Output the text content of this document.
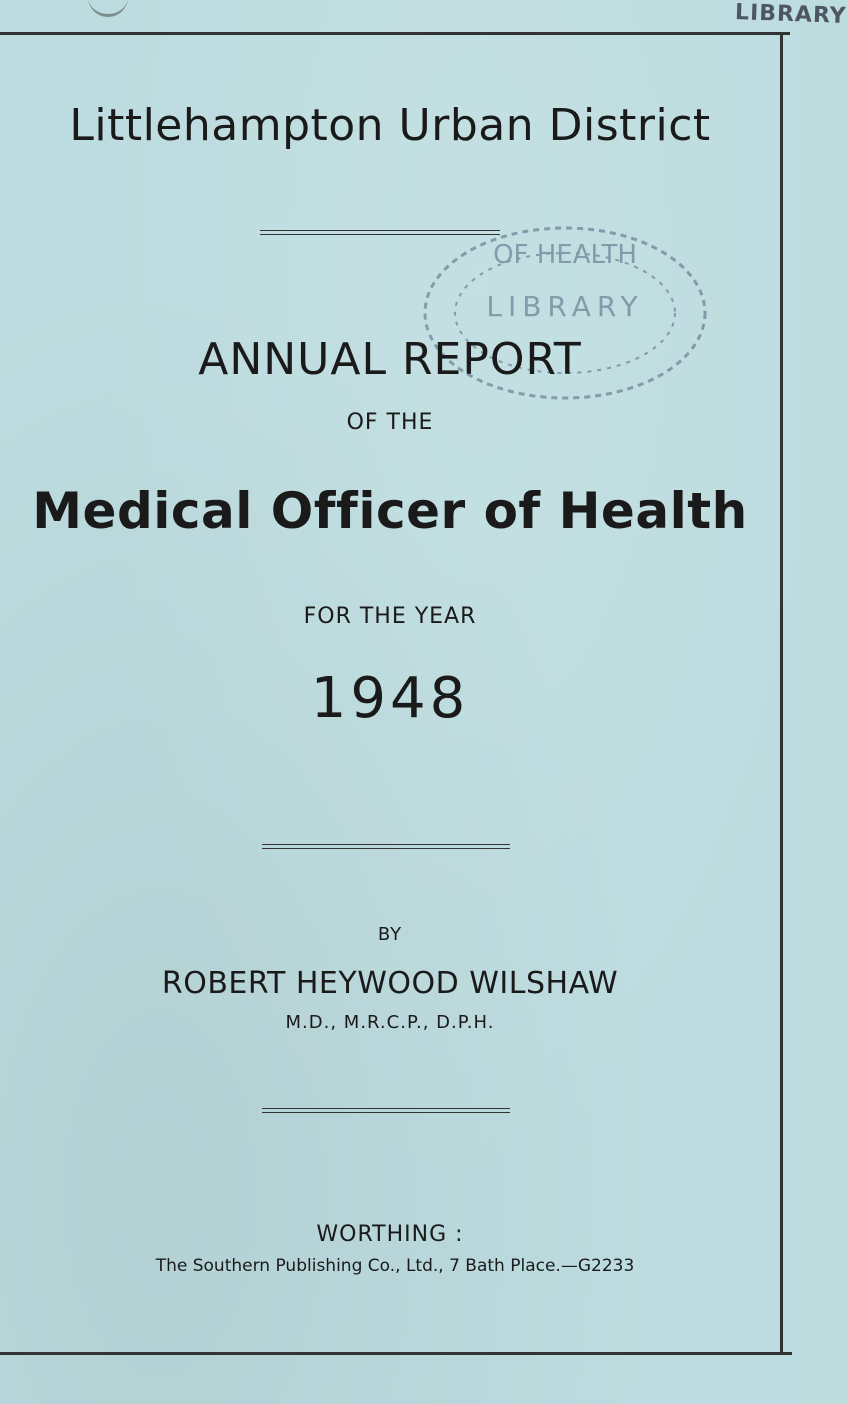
LIBRARY
Littlehampton Urban District
OF HEALTH
LIBRARY
ANNUAL REPORT
OF THE
Medical Officer of Health
FOR THE YEAR
1948
BY
ROBERT HEYWOOD WILSHAW
M.D., M.R.C.P., D.P.H.
WORTHING :
The Southern Publishing Co., Ltd., 7 Bath Place.—G2233
